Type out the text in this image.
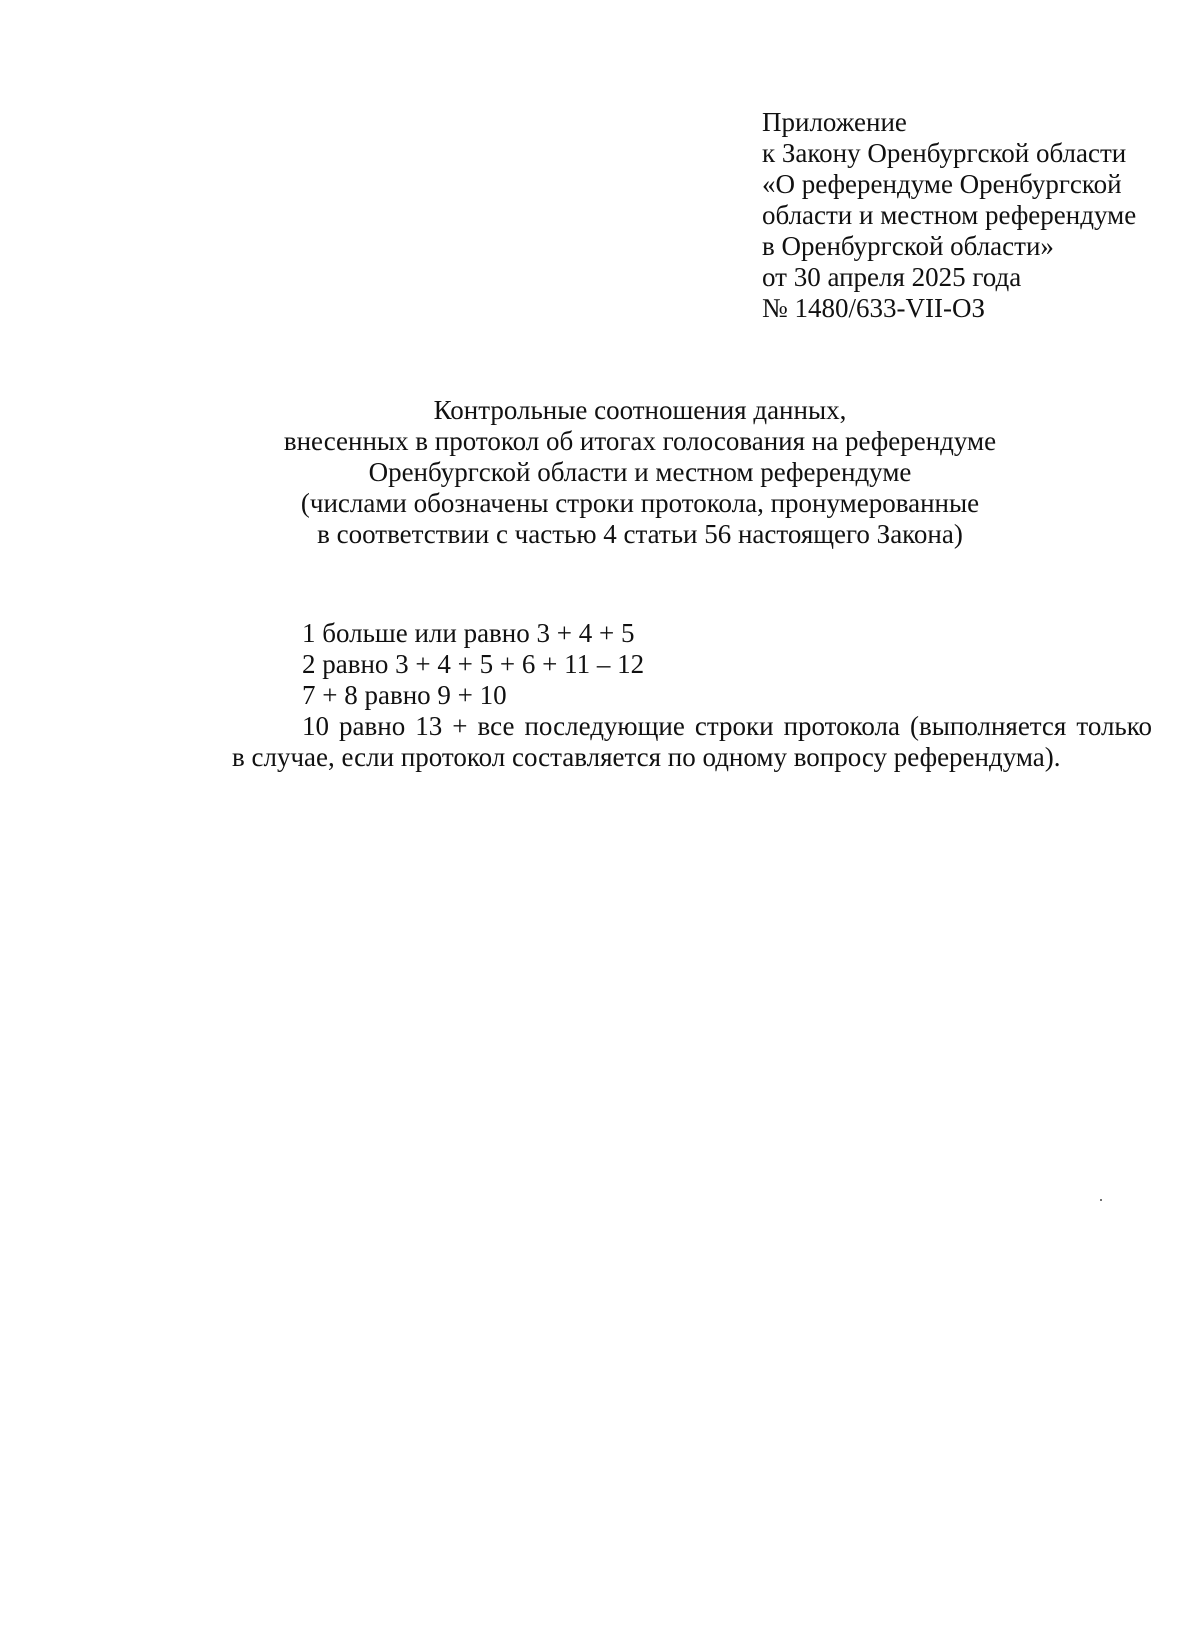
Приложение
к Закону Оренбургской области
«О референдуме Оренбургской
области и местном референдуме
в Оренбургской области»
от 30 апреля 2025 года
№ 1480/633-VII-ОЗ
Контрольные соотношения данных,
внесенных в протокол об итогах голосования на референдуме
Оренбургской области и местном референдуме
(числами обозначены строки протокола, пронумерованные
в соответствии с частью 4 статьи 56 настоящего Закона)
1 больше или равно 3 + 4 + 5
2 равно 3 + 4 + 5 + 6 + 11 – 12
7 + 8 равно 9 + 10
10 равно 13 + все последующие строки протокола (выполняется только
в случае, если протокол составляется по одному вопросу референдума).
